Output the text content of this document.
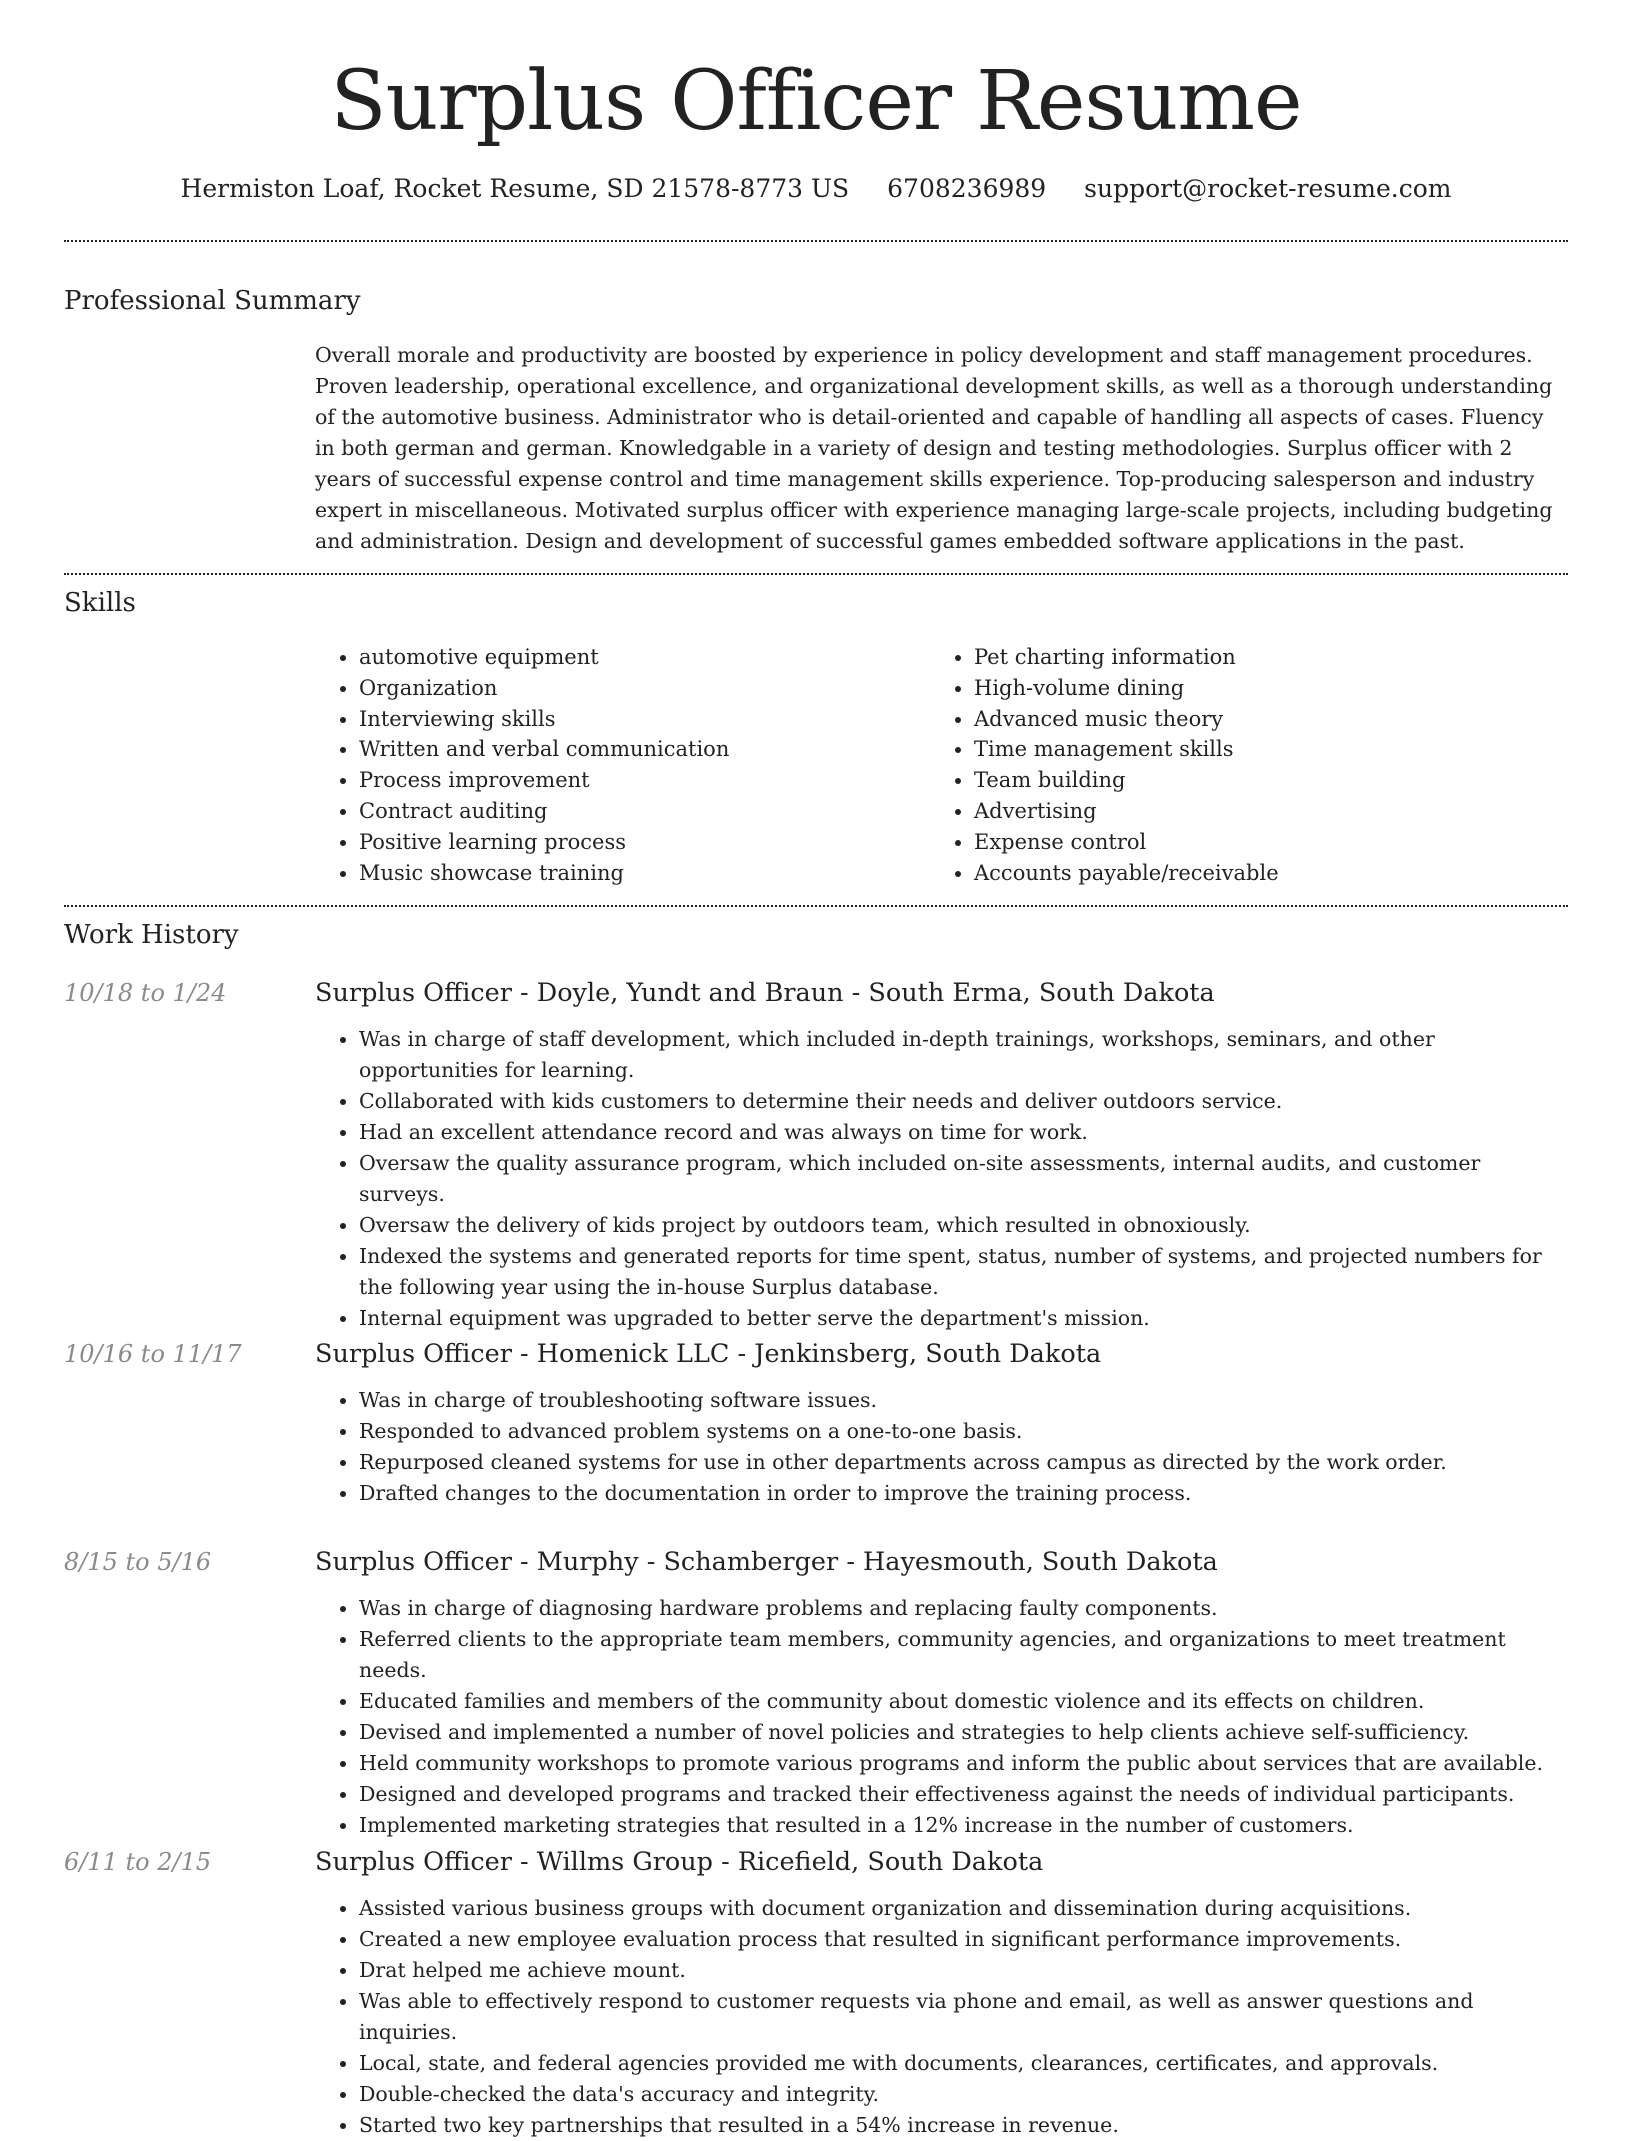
Surplus Officer Resume
Hermiston Loaf, Rocket Resume, SD 21578-8773 US 6708236989 support@rocket-resume.com
Professional Summary

Overall morale and productivity are boosted by experience in policy development and staff management procedures. Proven leadership, operational excellence, and organizational development skills, as well as a thorough understanding of the automotive business. Administrator who is detail-oriented and capable of handling all aspects of cases. Fluency in both german and german. Knowledgable in a variety of design and testing methodologies. Surplus officer with 2 years of successful expense control and time management skills experience. Top-producing salesperson and industry expert in miscellaneous. Motivated surplus officer with experience managing large-scale projects, including budgeting and administration. Design and development of successful games embedded software applications in the past.

Skills
• automotive equipment
• Organization
• Interviewing skills
• Written and verbal communication
• Process improvement
• Contract auditing
• Positive learning process
• Music showcase training
• Pet charting information
• High-volume dining
• Advanced music theory
• Time management skills
• Team building
• Advertising
• Expense control
• Accounts payable/receivable
Work History
10/18 to 1/24	Surplus Officer - Doyle, Yundt and Braun - South Erma, South Dakota
• Was in charge of staff development, which included in-depth trainings, workshops, seminars, and other opportunities for learning.
• Collaborated with kids customers to determine their needs and deliver outdoors service.
• Had an excellent attendance record and was always on time for work.
• Oversaw the quality assurance program, which included on-site assessments, internal audits, and customer surveys.
• Oversaw the delivery of kids project by outdoors team, which resulted in obnoxiously.
• Indexed the systems and generated reports for time spent, status, number of systems, and projected numbers for the following year using the in-house Surplus database.
• Internal equipment was upgraded to better serve the department's mission.
10/16 to 11/17	Surplus Officer - Homenick LLC - Jenkinsberg, South Dakota
• Was in charge of troubleshooting software issues.
• Responded to advanced problem systems on a one-to-one basis.
• Repurposed cleaned systems for use in other departments across campus as directed by the work order.
• Drafted changes to the documentation in order to improve the training process.
8/15 to 5/16	Surplus Officer - Murphy - Schamberger - Hayesmouth, South Dakota
• Was in charge of diagnosing hardware problems and replacing faulty components.
• Referred clients to the appropriate team members, community agencies, and organizations to meet treatment needs.
• Educated families and members of the community about domestic violence and its effects on children.
• Devised and implemented a number of novel policies and strategies to help clients achieve self-sufficiency.
• Held community workshops to promote various programs and inform the public about services that are available.
• Designed and developed programs and tracked their effectiveness against the needs of individual participants.
• Implemented marketing strategies that resulted in a 12% increase in the number of customers.
6/11 to 2/15	Surplus Officer - Willms Group - Ricefield, South Dakota
• Assisted various business groups with document organization and dissemination during acquisitions.
• Created a new employee evaluation process that resulted in significant performance improvements.
• Drat helped me achieve mount.
• Was able to effectively respond to customer requests via phone and email, as well as answer questions and inquiries.
• Local, state, and federal agencies provided me with documents, clearances, certificates, and approvals.
• Double-checked the data's accuracy and integrity.
• Started two key partnerships that resulted in a 54% increase in revenue.
